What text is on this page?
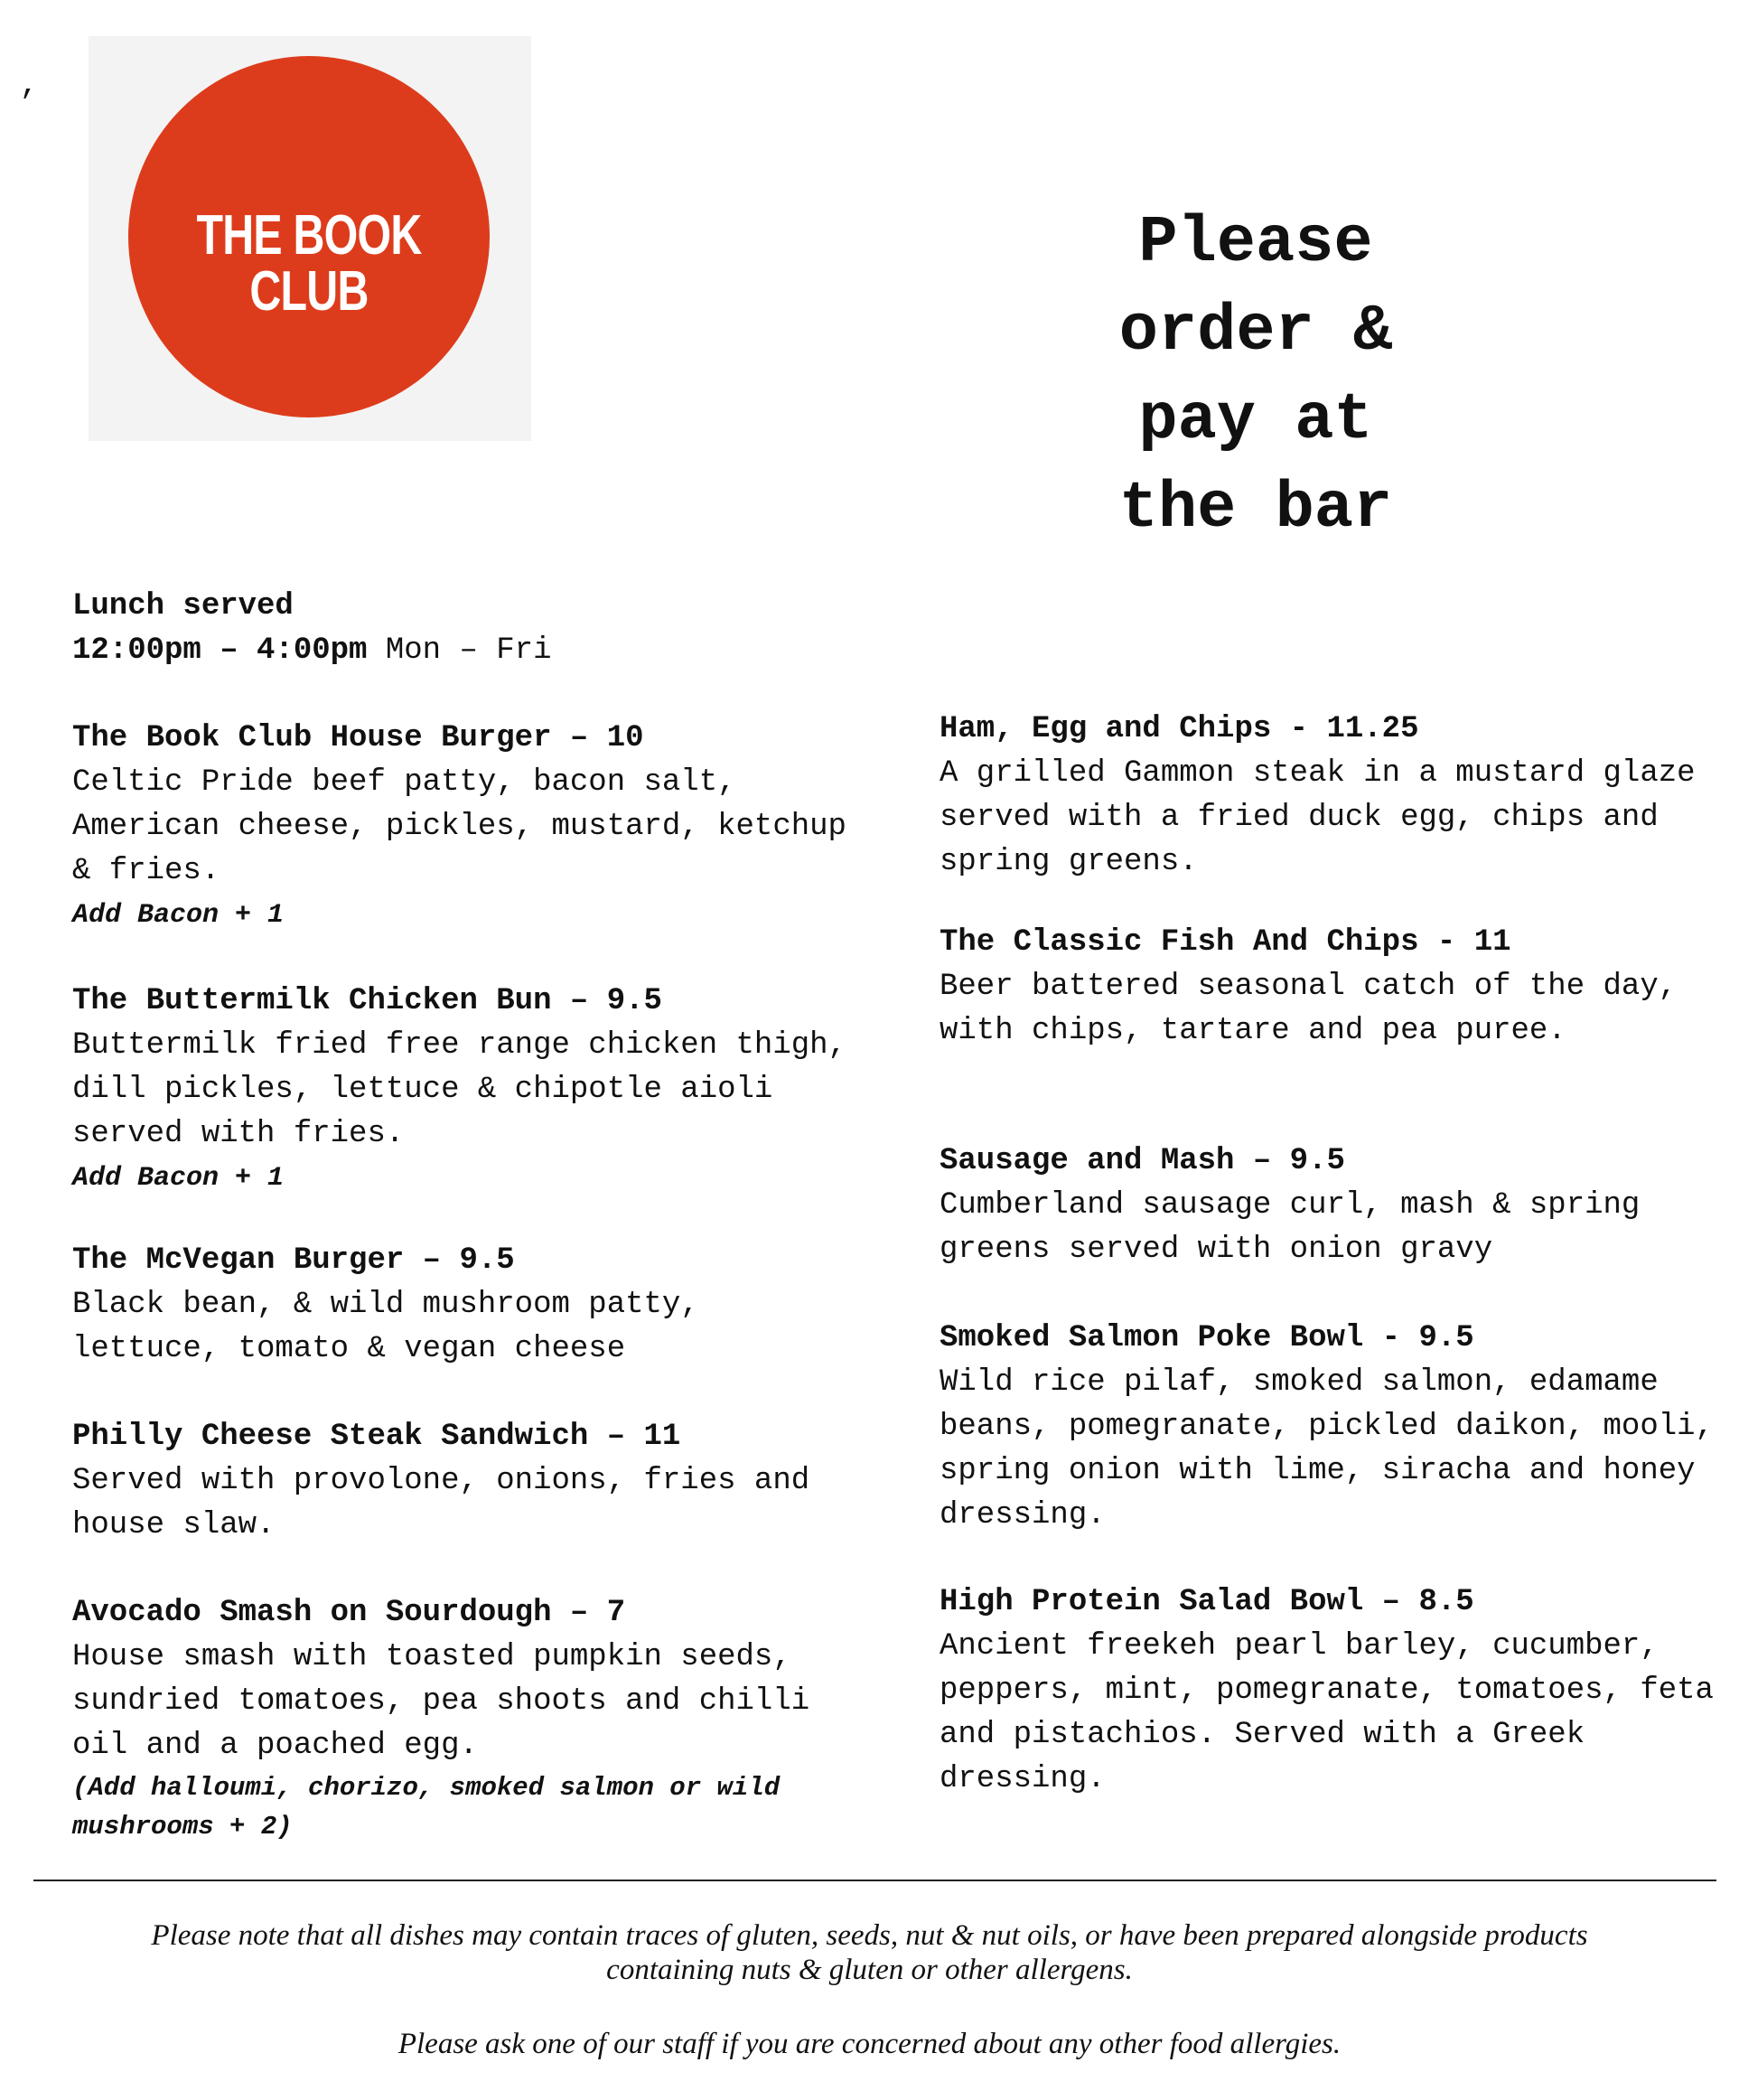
,
THE BOOK CLUB
Please
order &
pay at
the bar
Lunch served
12:00pm – 4:00pm Mon – Fri
The Book Club House Burger – 10
Celtic Pride beef patty, bacon salt, American cheese, pickles, mustard, ketchup & fries.
Add Bacon + 1
The Buttermilk Chicken Bun – 9.5
Buttermilk fried free range chicken thigh, dill pickles, lettuce & chipotle aioli served with fries.
Add Bacon + 1
The McVegan Burger – 9.5
Black bean, & wild mushroom patty, lettuce, tomato & vegan cheese
Philly Cheese Steak Sandwich – 11
Served with provolone, onions, fries and house slaw.
Avocado Smash on Sourdough – 7
House smash with toasted pumpkin seeds, sundried tomatoes, pea shoots and chilli oil and a poached egg.
(Add halloumi, chorizo, smoked salmon or wild mushrooms + 2)
Ham, Egg and Chips - 11.25
A grilled Gammon steak in a mustard glaze served with a fried duck egg, chips and spring greens.
The Classic Fish And Chips - 11
Beer battered seasonal catch of the day, with chips, tartare and pea puree.
Sausage and Mash – 9.5
Cumberland sausage curl, mash & spring greens served with onion gravy
Smoked Salmon Poke Bowl - 9.5
Wild rice pilaf, smoked salmon, edamame beans, pomegranate, pickled daikon, mooli, spring onion with lime, siracha and honey dressing.
High Protein Salad Bowl – 8.5
Ancient freekeh pearl barley, cucumber, peppers, mint, pomegranate, tomatoes, feta and pistachios. Served with a Greek dressing.
Please note that all dishes may contain traces of gluten, seeds, nut & nut oils, or have been prepared alongside products containing nuts & gluten or other allergens.
Please ask one of our staff if you are concerned about any other food allergies.
